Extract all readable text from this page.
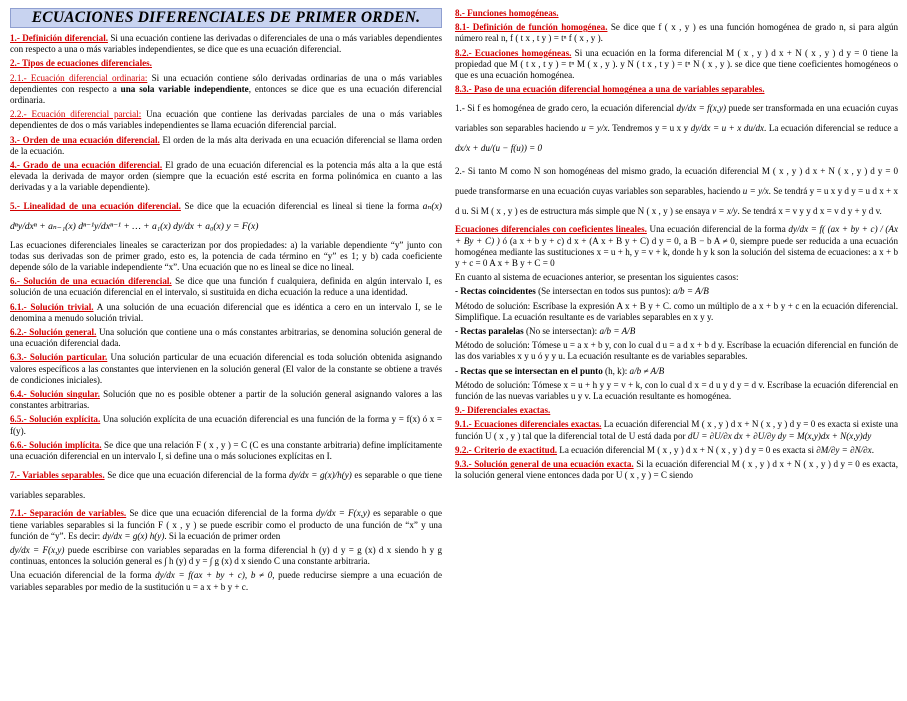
ECUACIONES DIFERENCIALES DE PRIMER ORDEN.

1.- Definición diferencial. Si una ecuación contiene las derivadas o diferenciales de una o más variables dependientes con respecto a una o más variables independientes, se dice que es una ecuación diferencial.

2.- Tipos de ecuaciones diferenciales.

2.1.- Ecuación diferencial ordinaria: Si una ecuación contiene sólo derivadas ordinarias de una o más variables dependientes con respecto a una sola variable independiente, entonces se dice que es una ecuación diferencial ordinaria.

2.2.- Ecuación diferencial parcial: Una ecuación que contiene las derivadas parciales de una o más variables dependientes de dos o más variables independientes se llama ecuación diferencial parcial.

3.- Orden de una ecuación diferencial. El orden de la más alta derivada en una ecuación diferencial se llama orden de la ecuación.

4.- Grado de una ecuación diferencial. El grado de una ecuación diferencial es la potencia más alta a la que está elevada la derivada de mayor orden (siempre que la ecuación esté escrita en forma polinómica en cuanto a las derivadas y a la variable dependiente).

5.- Linealidad de una ecuación diferencial. Se dice que la ecuación diferencial es lineal si tiene la forma aₙ(x) dⁿy/dxⁿ + aₙ₋₁(x) dⁿ⁻¹y/dxⁿ⁻¹ + … + a₁(x) dy/dx + a₀(x) y = F(x)

Las ecuaciones diferenciales lineales se caracterizan por dos propiedades: a) la variable dependiente “y” junto con todas sus derivadas son de primer grado, esto es, la potencia de cada término en “y” es 1; y b) cada coeficiente depende sólo de la variable independiente “x”. Una ecuación que no es lineal se dice no lineal.

6.- Solución de una ecuación diferencial. Se dice que una función f cualquiera, definida en algún intervalo I, es solución de una ecuación diferencial en el intervalo, si sustituida en dicha ecuación la reduce a una identidad.

6.1.- Solución trivial. A una solución de una ecuación diferencial que es idéntica a cero en un intervalo I, se le denomina a menudo solución trivial.

6.2.- Solución general. Una solución que contiene una o más constantes arbitrarias, se denomina solución general de una ecuación diferencial dada.

6.3.- Solución particular. Una solución particular de una ecuación diferencial es toda solución obtenida asignando valores específicos a las constantes que intervienen en la solución general (El valor de la constante se obtiene a través de condiciones iniciales).

6.4.- Solución singular. Solución que no es posible obtener a partir de la solución general asignando valores a las constantes arbitrarias.

6.5.- Solución explícita. Una solución explícita de una ecuación diferencial es una función de la forma y = f(x) ó x = f(y).

6.6.- Solución implícita. Se dice que una relación F ( x , y ) = C (C es una constante arbitraria) define implícitamente una ecuación diferencial en un intervalo I, si define una o más soluciones explícitas en I.

7.- Variables separables. Se dice que una ecuación diferencial de la forma dy/dx = g(x)/h(y) es separable o que tiene variables separables.

7.1.- Separación de variables. Se dice que una ecuación diferencial de la forma dy/dx = F(x,y) es separable o que tiene variables separables si la función F ( x , y ) se puede escribir como el producto de una función de “x” y una función de “y”. Es decir: dy/dx = g(x) h(y). Si la ecuación de primer orden

dy/dx = F(x,y) puede escribirse con variables separadas en la forma diferencial h (y) d y = g (x) d x siendo h y g continuas, entonces la solución general es ∫ h (y) d y = ∫ g (x) d x siendo C una constante arbitraria.

Una ecuación diferencial de la forma dy/dx = f(ax + by + c), b ≠ 0, puede reducirse siempre a una ecuación de variables separables por medio de la sustitución u = a x + b y + c.

8.- Funciones homogéneas.

8.1- Definición de función homogénea. Se dice que f ( x , y ) es una función homogénea de grado n, si para algún número real n, f ( t x , t y ) = tⁿ f ( x , y ).

8.2.- Ecuaciones homogéneas. Si una ecuación en la forma diferencial M ( x , y ) d x + N ( x , y ) d y = 0 tiene la propiedad que M ( t x , t y ) = tⁿ M ( x , y ). y N ( t x , t y ) = tⁿ N ( x , y ). se dice que tiene coeficientes homogéneos o que es una ecuación homogénea.

8.3.- Paso de una ecuación diferencial homogénea a una de variables separables.

1.- Si f es homogénea de grado cero, la ecuación diferencial dy/dx = f(x,y) puede ser transformada en una ecuación cuyas variables son separables haciendo u = y/x. Tendremos y = u x y dy/dx = u + x du/dx. La ecuación diferencial se reduce a dx/x + du/(u − f(u)) = 0

2.- Si tanto M como N son homogéneas del mismo grado, la ecuación diferencial M ( x , y ) d x + N ( x , y ) d y = 0 puede transformarse en una ecuación cuyas variables son separables, haciendo u = y/x. Se tendrá y = u x y d y = u d x + x d u. Si M ( x , y ) es de estructura más simple que N ( x , y ) se ensaya v = x/y. Se tendrá x = v y y d x = v d y + y d v.

Ecuaciones diferenciales con coeficientes lineales. Una ecuación diferencial de la forma dy/dx = f( (ax + by + c) / (Ax + By + C) ) ó (a x + b y + c) d x + (A x + B y + C) d y = 0, a B − b A ≠ 0, siempre puede ser reducida a una ecuación homogénea mediante las sustituciones x = u + h, y = v + k, donde h y k son la solución del sistema de ecuaciones: a x + b y + c = 0 A x + B y + C = 0

En cuanto al sistema de ecuaciones anterior, se presentan los siguientes casos:

- Rectas coincidentes (Se intersectan en todos sus puntos): a/b = A/B

Método de solución: Escríbase la expresión A x + B y + C. como un múltiplo de a x + b y + c en la ecuación diferencial. Simplifique. La ecuación resultante es de variables separables en x y y.

- Rectas paralelas (No se intersectan): a/b = A/B

Método de solución: Tómese u = a x + b y, con lo cual d u = a d x + b d y. Escríbase la ecuación diferencial en función de las dos variables x y u ó y y u. La ecuación resultante es de variables separables.

- Rectas que se intersectan en el punto (h, k): a/b ≠ A/B

Método de solución: Tómese x = u + h y y = v + k, con lo cual d x = d u y d y = d v. Escríbase la ecuación diferencial en función de las nuevas variables u y v. La ecuación resultante es homogénea.

9.- Diferenciales exactas.

9.1.- Ecuaciones diferenciales exactas. La ecuación diferencial M ( x , y ) d x + N ( x , y ) d y = 0 es exacta si existe una función U ( x , y ) tal que la diferencial total de U está dada por dU = ∂U/∂x dx + ∂U/∂y dy = M(x,y)dx + N(x,y)dy

9.2.- Criterio de exactitud. La ecuación diferencial M ( x , y ) d x + N ( x , y ) d y = 0 es exacta si ∂M/∂y = ∂N/∂x.

9.3.- Solución general de una ecuación exacta. Si la ecuación diferencial M ( x , y ) d x + N ( x , y ) d y = 0 es exacta, la solución general viene entonces dada por U ( x , y ) = C siendo
